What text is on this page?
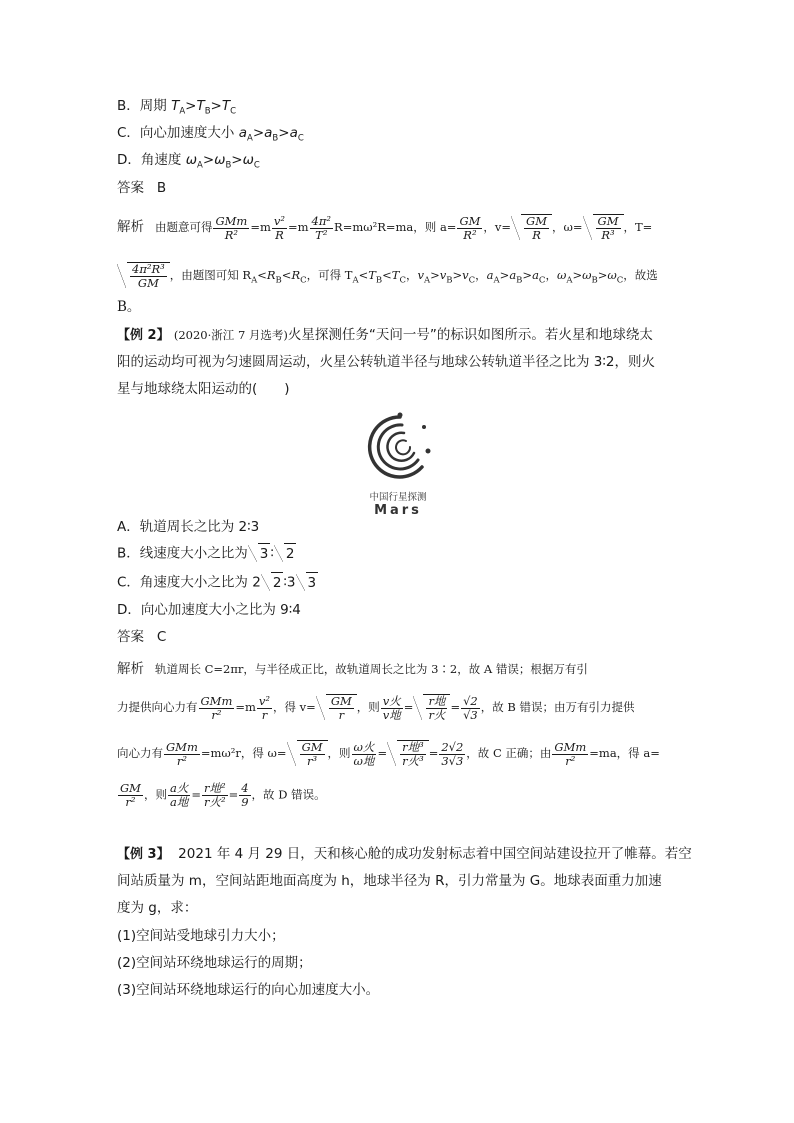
B．周期 $T_A>T_B>T_C$
C．向心加速度大小 $a_A>a_B>a_C$
D．角速度 $\omega_A>\omega_B>\omega_C$
答案 B
解析 由题意可得 $\frac{\text{GMm}}{\text{R²}} =m \frac{\text{v²}}{R} =m \frac{\text{4π²}}{\text{T²}} R=m\omega^2R=ma$，则 $a= \frac{GM}{\text{R²}}$ ，$v= \frac{GM}{R}$ ，$\omega= \frac{GM}{\text{R³}}$ ，T=
$\frac{\text{4π²R³}}{GM}$ ，由题图可知 $R_A<R_B<R_C$，可得 $T_A<T_B<T_C$，$v_A>v_B>v_C$，$a_A>a_B>a_C$，$\omega_A>\omega_B>\omega_C$，故选
B。
【例 2】 (2020·浙江 7 月选考)火星探测任务“天问一号”的标识如图所示。若火星和地球绕太
阳的运动均可视为匀速圆周运动，火星公转轨道半径与地球公转轨道半径之比为 3∶2，则火
星与地球绕太阳运动的(　　)
中国行星探测
Mars
A．轨道周长之比为 2∶3
B．线速度大小之比为 3 ∶ 2
C．角速度大小之比为 2 2 ∶3 3
D．向心加速度大小之比为 9∶4
答案 C
解析 轨道周长 C=2πr，与半径成正比，故轨道周长之比为 3∶2，故 A 错误；根据万有引
力提供向心力有 $\frac{\text{GMm}}{\text{r²}} =m \frac{\text{v²}}{r}$ ，得 $v= \frac{GM}{r}$ ，则 $\frac{\text{v火}}{\text{v地}} = \frac{\text{r地}}{\text{r火}} = \frac{√2}{√3}$ ，故 B 错误；由万有引力提供
向心力有 $\frac{\text{GMm}}{\text{r²}} =m\omega^2r$，得 $\omega= \frac{GM}{\text{r³}}$ ，则 $\frac{\text{ω火}}{\text{ω地}} = \frac{\text{r地³}}{\text{r火³}} = \frac{2√2}{3√3}$ ，故 C 正确；由 $\frac{\text{GMm}}{\text{r²}} =ma$，得 a=
$\frac{GM}{\text{r²}}$ ，则 $\frac{\text{a火}}{\text{a地}} = \frac{\text{r地²}}{\text{r火²}} = \frac{4}{9}$ ，故 D 错误。
【例 3】 2021 年 4 月 29 日，天和核心舱的成功发射标志着中国空间站建设拉开了帷幕。若空
间站质量为 m，空间站距地面高度为 h，地球半径为 R，引力常量为 G。地球表面重力加速
度为 g，求：
(1)空间站受地球引力大小；
(2)空间站环绕地球运行的周期；
(3)空间站环绕地球运行的向心加速度大小。
